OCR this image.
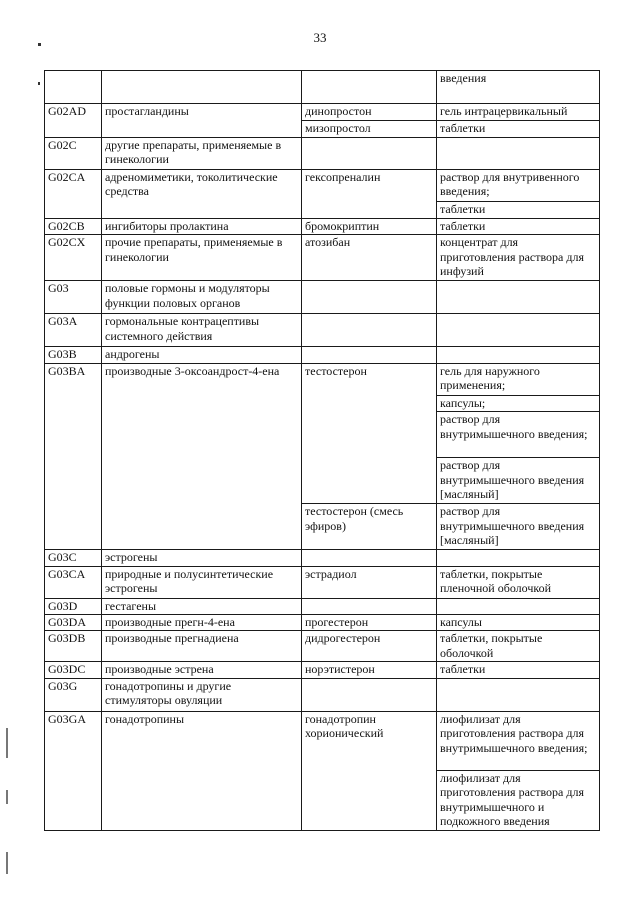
33
			введения
G02AD	простагландины	динопростон	гель интрацервикальный
		мизопростол	таблетки
G02C	другие препараты, применяемые в гинекологии		
G02CA	адреномиметики, токолитические средства	гексопреналин	раствор для внутривенного введения;
			таблетки
G02CB	ингибиторы пролактина	бромокриптин	таблетки
G02CX	прочие препараты, применяемые в гинекологии	атозибан	концентрат для приготовления раствора для инфузий
G03	половые гормоны и модуляторы функции половых органов		
G03A	гормональные контрацептивы системного действия		
G03B	андрогены		
G03BA	производные 3-оксоандрост-4-ена	тестостерон	гель для наружного применения;
			капсулы;
			раствор для внутримышечного введения;
			раствор для внутримышечного введения [масляный]
		тестостерон (смесь эфиров)	раствор для внутримышечного введения [масляный]
G03C	эстрогены		
G03CA	природные и полусинтетические эстрогены	эстрадиол	таблетки, покрытые пленочной оболочкой
G03D	гестагены		
G03DA	производные прегн-4-ена	прогестерон	капсулы
G03DB	производные прегнадиена	дидрогестерон	таблетки, покрытые оболочкой
G03DC	производные эстрена	норэтистерон	таблетки
G03G	гонадотропины и другие стимуляторы овуляции		
G03GA	гонадотропины	гонадотропин хорионический	лиофилизат для приготовления раствора для внутримышечного введения;
			лиофилизат для приготовления раствора для внутримышечного и подкожного введения
